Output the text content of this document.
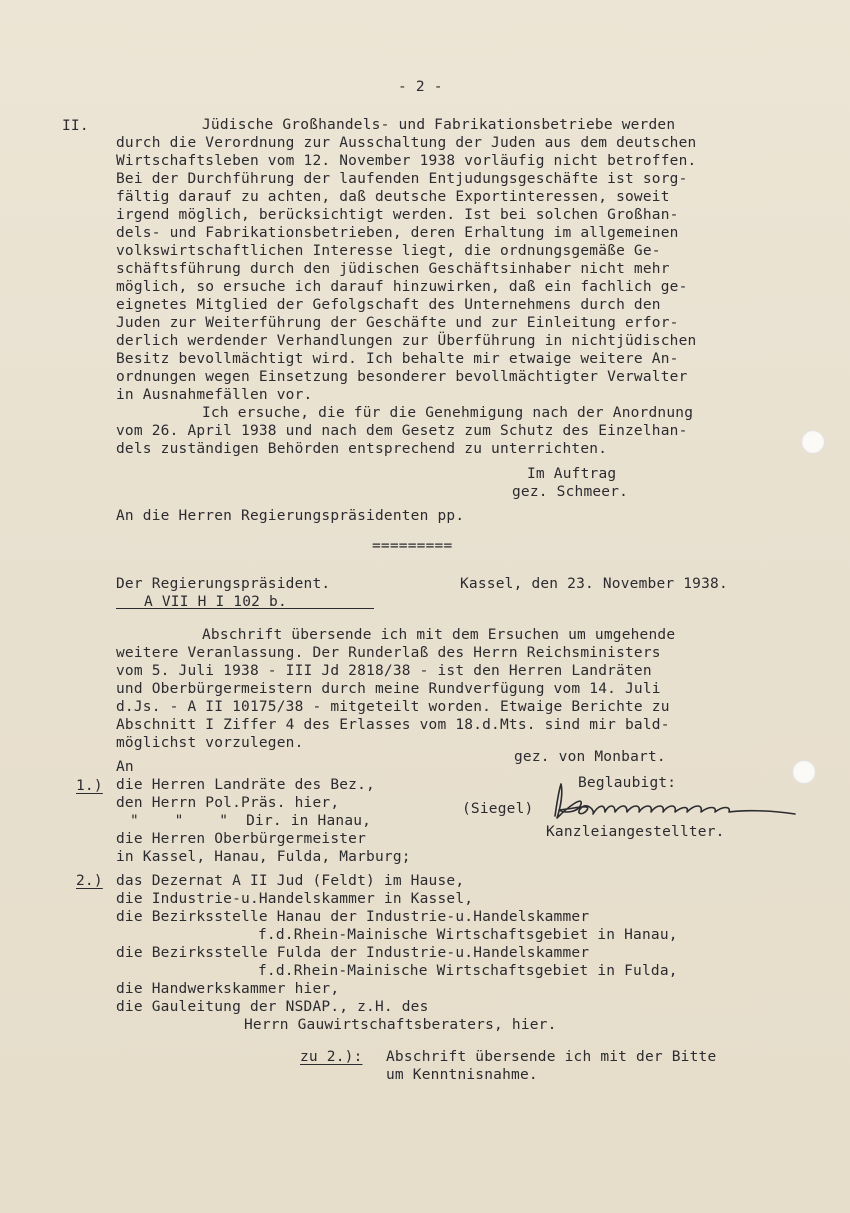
- 2 -
II.	Jüdische Großhandels- und Fabrikationsbetriebe werden
durch die Verordnung zur Ausschaltung der Juden aus dem deutschen
Wirtschaftsleben vom 12. November 1938 vorläufig nicht betroffen.
Bei der Durchführung der laufenden Entjudungsgeschäfte ist sorg-
fältig darauf zu achten, daß deutsche Exportinteressen, soweit
irgend möglich, berücksichtigt werden. Ist bei solchen Großhan-
dels- und Fabrikationsbetrieben, deren Erhaltung im allgemeinen
volkswirtschaftlichen Interesse liegt, die ordnungsgemäße Ge-
schäftsführung durch den jüdischen Geschäftsinhaber nicht mehr
möglich, so ersuche ich darauf hinzuwirken, daß ein fachlich ge-
eignetes Mitglied der Gefolgschaft des Unternehmens durch den
Juden zur Weiterführung der Geschäfte und zur Einleitung erfor-
derlich werdender Verhandlungen zur Überführung in nichtjüdischen
Besitz bevollmächtigt wird. Ich behalte mir etwaige weitere An-
ordnungen wegen Einsetzung besonderer bevollmächtigter Verwalter
in Ausnahmefällen vor.
Ich ersuche, die für die Genehmigung nach der Anordnung
vom 26. April 1938 und nach dem Gesetz zum Schutz des Einzelhan-
dels zuständigen Behörden entsprechend zu unterrichten.
Im Auftrag
gez. Schmeer.
An die Herren Regierungspräsidenten pp.
=========
Der Regierungspräsident.	Kassel, den 23. November 1938.
A VII H I 102 b.
Abschrift übersende ich mit dem Ersuchen um umgehende
weitere Veranlassung. Der Runderlaß des Herrn Reichsministers
vom 5. Juli 1938 - III Jd 2818/38 - ist den Herren Landräten
und Oberbürgermeistern durch meine Rundverfügung vom 14. Juli
d.Js. - A II 10175/38 - mitgeteilt worden. Etwaige Berichte zu
Abschnitt I Ziffer 4 des Erlasses vom 18.d.Mts. sind mir bald-
möglichst vorzulegen.
gez. von Monbart.
Beglaubigt:
(Siegel)
Baumann
Kanzleiangestellter.
An
1.) die Herren Landräte des Bez.,
den Herrn Pol.Präs. hier,
"    "    "  Dir. in Hanau,
die Herren Oberbürgermeister
in Kassel, Hanau, Fulda, Marburg;
2.) das Dezernat A II Jud (Feldt) im Hause,
die Industrie-u.Handelskammer in Kassel,
die Bezirksstelle Hanau der Industrie-u.Handelskammer
f.d.Rhein-Mainische Wirtschaftsgebiet in Hanau,
die Bezirksstelle Fulda der Industrie-u.Handelskammer
f.d.Rhein-Mainische Wirtschaftsgebiet in Fulda,
die Handwerkskammer hier,
die Gauleitung der NSDAP., z.H. des
Herrn Gauwirtschaftsberaters, hier.
zu 2.): Abschrift übersende ich mit der Bitte
um Kenntnisnahme.
